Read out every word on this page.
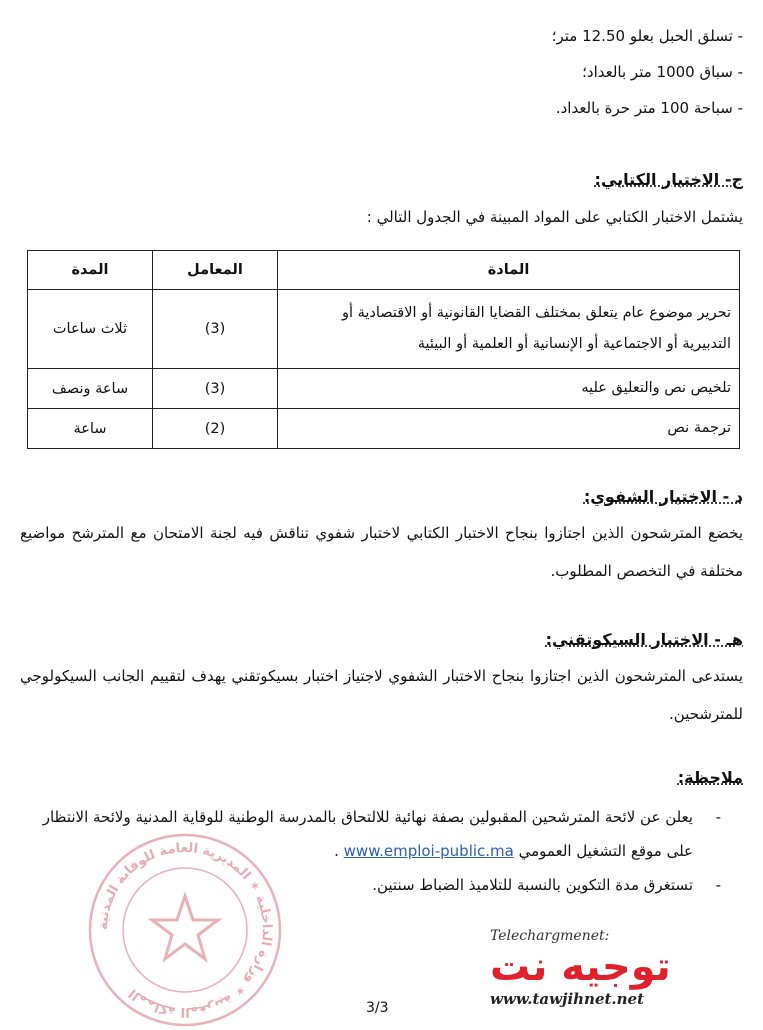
- تسلق الحبل بعلو 12.50 متر؛
- سباق 1000 متر بالعداد؛
- سباحة 100 متر حرة بالعداد.
ج- الاختبار الكتابي:
يشتمل الاختبار الكتابي على المواد المبينة في الجدول التالي :
المادة	المعامل	المدة

تحرير موضوع عام يتعلق بمختلف القضايا القانونية أو الاقتصادية أو
التدبيرية أو الاجتماعية أو الإنسانية أو العلمية أو البيئية	(3)	ثلاث ساعات

تلخيص نص والتعليق عليه	(3)	ساعة ونصف

ترجمة نص	(2)	ساعة
د - الاختبار الشفوي:
يخضع المترشحون الذين اجتازوا بنجاح الاختبار الكتابي لاختبار شفوي تناقش فيه لجنة الامتحان مع المترشح مواضيع مختلفة في التخصص المطلوب.
هـ - الاختبار السيكوتقني:
يستدعى المترشحون الذين اجتازوا بنجاح الاختبار الشفوي لاجتياز اختبار بسيكوتقني يهدف لتقييم الجانب السيكولوجي للمترشحين.
ملاحظة:
-
يعلن عن لائحة المترشحين المقبولين بصفة نهائية للالتحاق بالمدرسة الوطنية للوقاية المدنية ولائحة الانتظار على موقع التشغيل العمومي www.emploi-public.ma .
-
تستغرق مدة التكوين بالنسبة للتلاميذ الضباط سنتين.
المملكة المغربية ✶ وزارة الداخلية ✶ المديرية العامة للوقاية المدنية
Telechargmenet:
توجيه نت
www.tawjihnet.net
3/3
